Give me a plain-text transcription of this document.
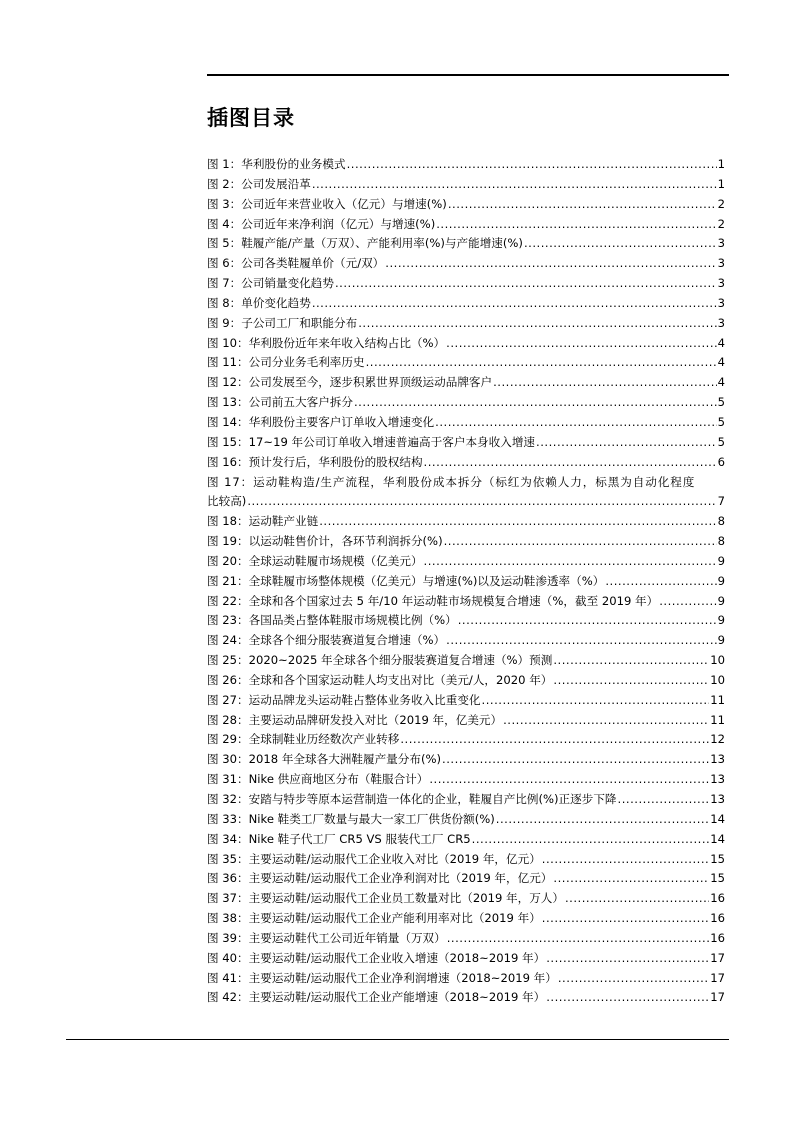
插图目录
图 1：华利股份的业务模式 .....	1
图 2：公司发展沿革 .....	1
图 3：公司近年来营业收入（亿元）与增速(%) .....	2
图 4：公司近年来净利润（亿元）与增速(%) .....	2
图 5：鞋履产能/产量（万双）、产能利用率(%)与产能增速(%) .....	3
图 6：公司各类鞋履单价（元/双） .....	3
图 7：公司销量变化趋势 .....	3
图 8：单价变化趋势 .....	3
图 9：子公司工厂和职能分布 .....	3
图 10：华利股份近年来年收入结构占比（%） .....	4
图 11：公司分业务毛利率历史 .....	4
图 12：公司发展至今，逐步积累世界顶级运动品牌客户 .....	4
图 13：公司前五大客户拆分 .....	5
图 14：华利股份主要客户订单收入增速变化 .....	5
图 15：17~19 年公司订单收入增速普遍高于客户本身收入增速 .....	5
图 16：预计发行后，华利股份的股权结构 .....	6
图 17：运动鞋构造/生产流程，华利股份成本拆分（标红为依赖人力，标黑为自动化程度
比较高) .....	7
图 18：运动鞋产业链 .....	8
图 19：以运动鞋售价计，各环节利润拆分(%) .....	8
图 20：全球运动鞋履市场规模（亿美元） .....	9
图 21：全球鞋履市场整体规模（亿美元）与增速(%)以及运动鞋渗透率（%） .....	9
图 22：全球和各个国家过去 5 年/10 年运动鞋市场规模复合增速（%，截至 2019 年） .....	9
图 23：各国品类占整体鞋服市场规模比例（%） .....	9
图 24：全球各个细分服装赛道复合增速（%） .....	9
图 25：2020~2025 年全球各个细分服装赛道复合增速（%）预测 .....	10
图 26：全球和各个国家运动鞋人均支出对比（美元/人，2020 年） .....	10
图 27：运动品牌龙头运动鞋占整体业务收入比重变化 .....	11
图 28：主要运动品牌研发投入对比（2019 年，亿美元） .....	11
图 29：全球制鞋业历经数次产业转移 .....	12
图 30：2018 年全球各大洲鞋履产量分布(%) .....	13
图 31：Nike 供应商地区分布（鞋服合计） .....	13
图 32：安踏与特步等原本运营制造一体化的企业，鞋履自产比例(%)正逐步下降 .....	13
图 33：Nike 鞋类工厂数量与最大一家工厂供货份额(%) .....	14
图 34：Nike 鞋子代工厂 CR5 VS 服装代工厂 CR5 .....	14
图 35：主要运动鞋/运动服代工企业收入对比（2019 年，亿元） .....	15
图 36：主要运动鞋/运动服代工企业净利润对比（2019 年，亿元） .....	15
图 37：主要运动鞋/运动服代工企业员工数量对比（2019 年，万人） .....	16
图 38：主要运动鞋/运动服代工企业产能利用率对比（2019 年） .....	16
图 39：主要运动鞋代工公司近年销量（万双） .....	16
图 40：主要运动鞋/运动服代工企业收入增速（2018~2019 年） .....	17
图 41：主要运动鞋/运动服代工企业净利润增速（2018~2019 年） .....	17
图 42：主要运动鞋/运动服代工企业产能增速（2018~2019 年） .....	17
